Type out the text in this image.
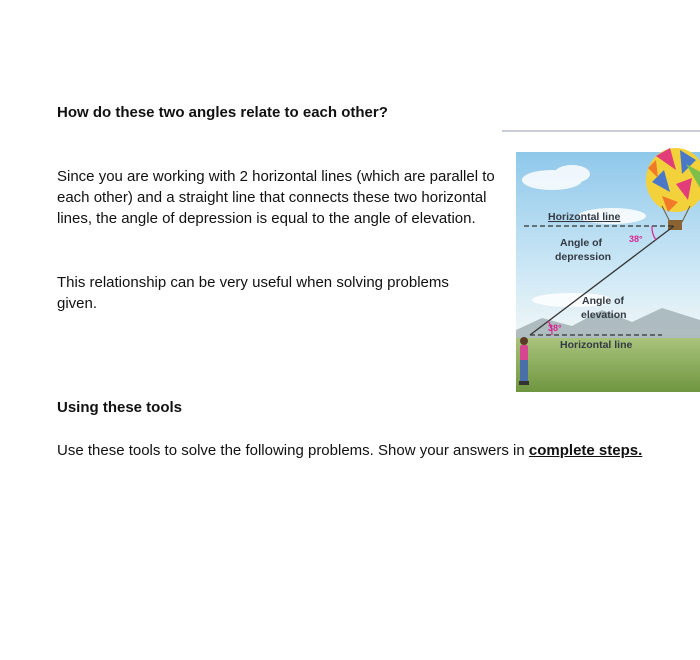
How do these two angles relate to each other?
Since you are working with 2 horizontal lines (which are parallel to each other) and a straight line that connects these two horizontal lines, the angle of depression is equal to the angle of elevation.
This relationship can be very useful when solving problems given.
Horizontal line
38°
Angle of
depression
Angle of
elevation
38°
Horizontal line
Using these tools
Use these tools to solve the following problems. Show your answers in complete steps.
